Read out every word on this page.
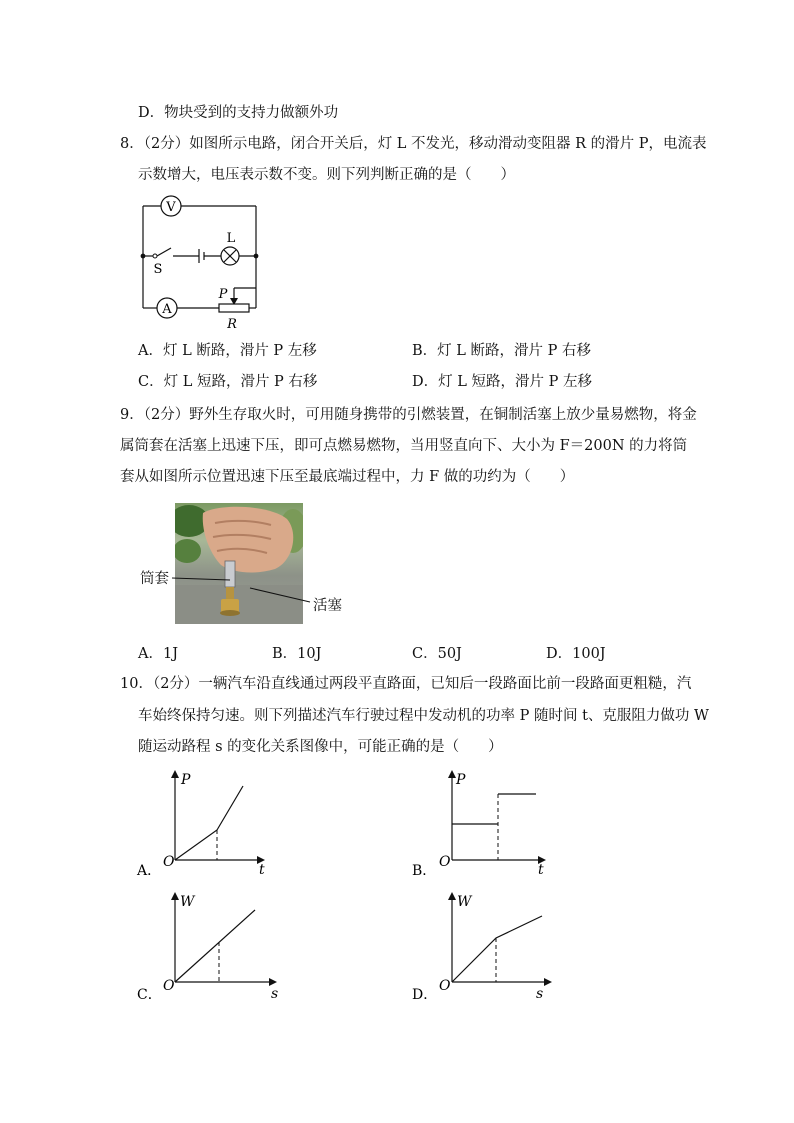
D．物块受到的支持力做额外功
8．（2分）如图所示电路，闭合开关后，灯 L 不发光，移动滑动变阻器 R 的滑片 P，电流表
示数增大，电压表示数不变。则下列判断正确的是（　　）
V
A
L
S
P
R
A．灯 L 断路，滑片 P 左移	B．灯 L 断路，滑片 P 右移
C．灯 L 短路，滑片 P 右移	D．灯 L 短路，滑片 P 左移
9．（2分）野外生存取火时，可用随身携带的引燃装置，在铜制活塞上放少量易燃物，将金
属筒套在活塞上迅速下压，即可点燃易燃物，当用竖直向下、大小为 F＝200N 的力将筒
套从如图所示位置迅速下压至最底端过程中，力 F 做的功约为（　　）
筒套
活塞
A．1J	B．10J	C．50J	D．100J
10．（2分）一辆汽车沿直线通过两段平直路面，已知后一段路面比前一段路面更粗糙，汽
车始终保持匀速。则下列描述汽车行驶过程中发动机的功率 P 随时间 t、克服阻力做功 W
随运动路程 s 的变化关系图像中，可能正确的是（　　）
P
t
O
A．
P
t
O
B．
W
s
O
C．
W
s
O
D．
